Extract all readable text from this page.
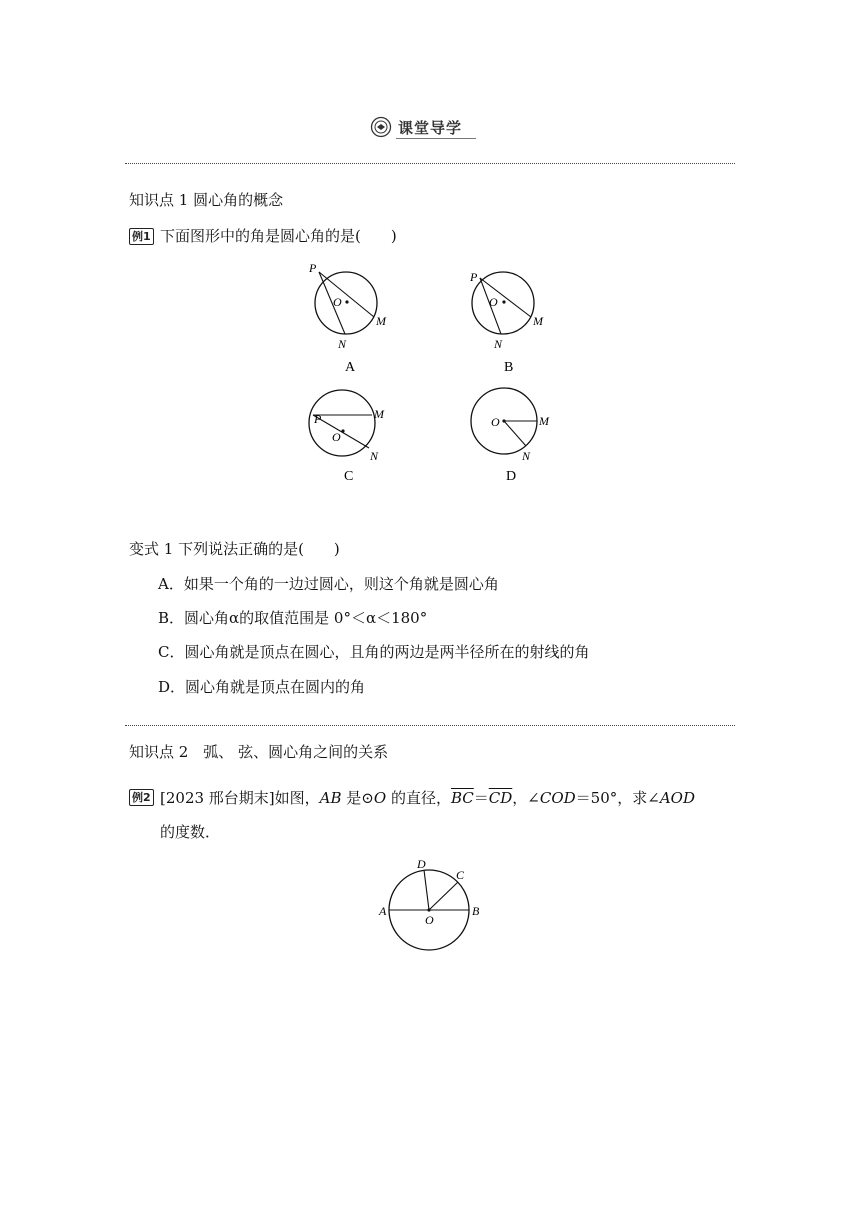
课堂导学
知识点 1 圆心角的概念
例1 下面图形中的角是圆心角的是(　　)
P
O
M
N
A
P
O
M
N
B
P
O
M
N
C
O	M
N
D
变式 1 下列说法正确的是(　　)
A．如果一个角的一边过圆心，则这个角就是圆心角
B．圆心角α的取值范围是 0°＜α＜180°
C．圆心角就是顶点在圆心，且角的两边是两半径所在的射线的角
D．圆心角就是顶点在圆内的角
知识点 2　弧、 弦、圆心角之间的关系
例2 [2023 邢台期末]如图，AB 是⊙O 的直径，$\overline{BC}=\overline{CD}$，∠COD＝50°，求∠AOD
的度数．
A	B
C
D
O
